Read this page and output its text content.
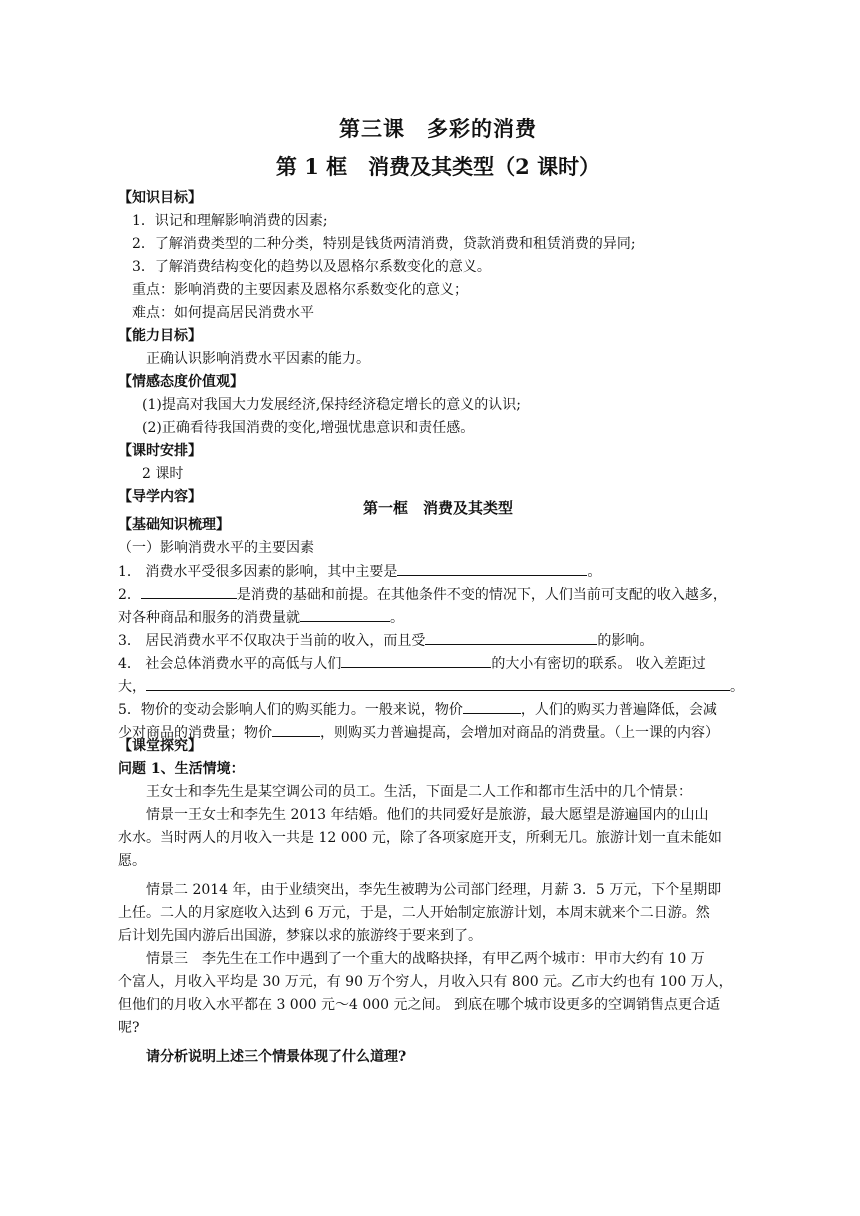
第三课　多彩的消费
第 1 框　消费及其类型（2 课时）
【知识目标】
1．识记和理解影响消费的因素;
2．了解消费类型的二种分类，特别是钱货两清消费，贷款消费和租赁消费的异同;
3．了解消费结构变化的趋势以及恩格尔系数变化的意义。
重点：影响消费的主要因素及恩格尔系数变化的意义；
难点：如何提高居民消费水平
【能力目标】
正确认识影响消费水平因素的能力。
【情感态度价值观】
(1)提高对我国大力发展经济,保持经济稳定增长的意义的认识;
(2)正确看待我国消费的变化,增强忧患意识和责任感。
【课时安排】
2 课时
【导学内容】
第一框　消费及其类型
【基础知识梳理】
（一）影响消费水平的主要因素
1． 消费水平受很多因素的影响，其中主要是	。
2．	是消费的基础和前提。在其他条件不变的情况下，人们当前可支配的收入越多，
对各种商品和服务的消费量就	。
3． 居民消费水平不仅取决于当前的收入，而且受	的影响。
4． 社会总体消费水平的高低与人们	的大小有密切的联系。 收入差距过
大，	。
5．物价的变动会影响人们的购买能力。一般来说，物价	，人们的购买力普遍降低，会减
少对商品的消费量；物价	，则购买力普遍提高，会增加对商品的消费量。（上一课的内容）
【课堂探究】
问题 1、生活情境：
王女士和李先生是某空调公司的员工。生活，下面是二人工作和都市生活中的几个情景：
情景一王女士和李先生 2013 年结婚。他们的共同爱好是旅游，最大愿望是游遍国内的山山
水水。当时两人的月收入一共是 12 000 元，除了各项家庭开支，所剩无几。旅游计划一直未能如
愿。
情景二 2014 年，由于业绩突出，李先生被聘为公司部门经理，月薪 3．5 万元，下个星期即
上任。二人的月家庭收入达到 6 万元，于是，二人开始制定旅游计划，本周末就来个二日游。然
后计划先国内游后出国游，梦寐以求的旅游终于要来到了。
情景三　李先生在工作中遇到了一个重大的战略抉择，有甲乙两个城市：甲市大约有 10 万
个富人，月收入平均是 30 万元，有 90 万个穷人，月收入只有 800 元。乙市大约也有 100 万人，
但他们的月收入水平都在 3 000 元～4 000 元之间。 到底在哪个城市设更多的空调销售点更合适
呢?
请分析说明上述三个情景体现了什么道理?
